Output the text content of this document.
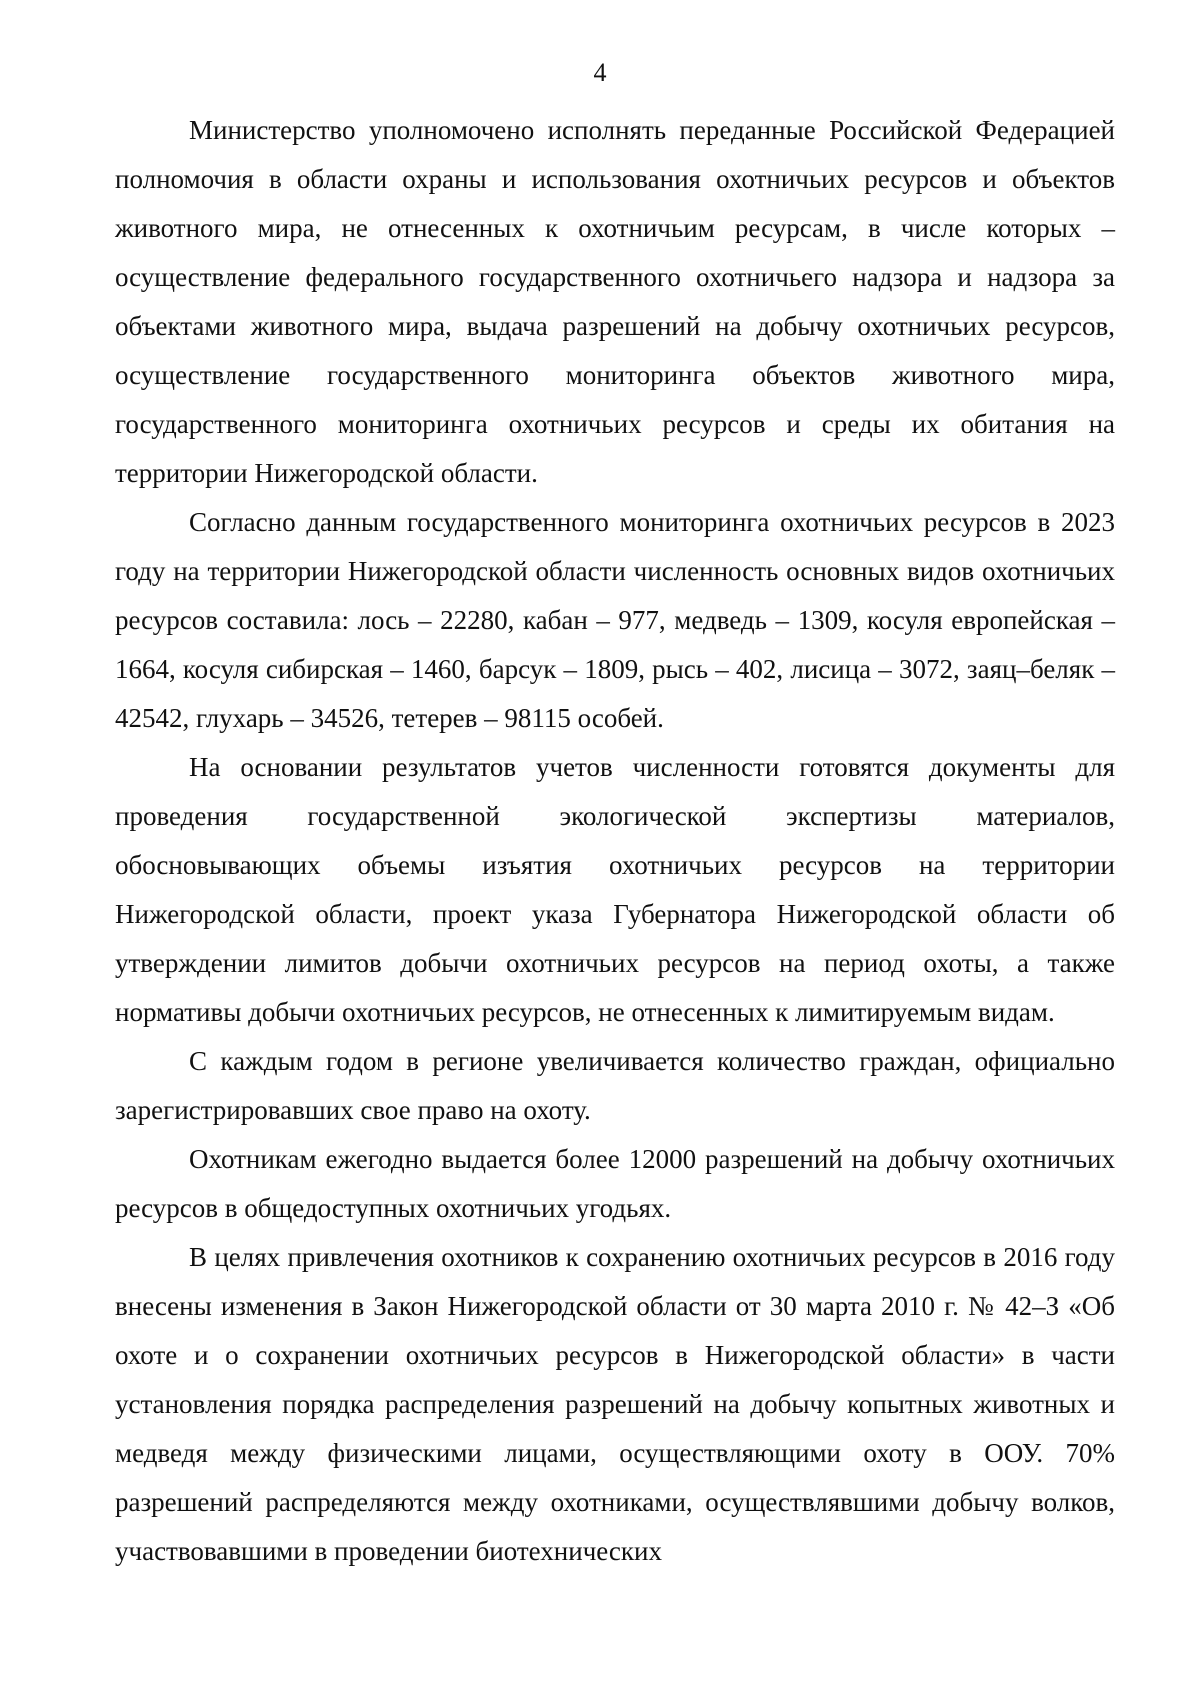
4

Министерство уполномочено исполнять переданные Российской Федерацией полномочия в области охраны и использования охотничьих ресурсов и объектов животного мира, не отнесенных к охотничьим ресурсам, в числе которых – осуществление федерального государственного охотничьего надзора и надзора за объектами животного мира, выдача разрешений на добычу охотничьих ресурсов, осуществление государственного мониторинга объектов животного мира, государственного мониторинга охотничьих ресурсов и среды их обитания на территории Нижегородской области.

Согласно данным государственного мониторинга охотничьих ресурсов в 2023 году на территории Нижегородской области численность основных видов охотничьих ресурсов составила: лось – 22280, кабан – 977, медведь – 1309, косуля европейская – 1664, косуля сибирская – 1460, барсук – 1809, рысь – 402, лисица – 3072, заяц–беляк – 42542, глухарь – 34526, тетерев – 98115 особей.

На основании результатов учетов численности готовятся документы для проведения государственной экологической экспертизы материалов, обосновывающих объемы изъятия охотничьих ресурсов на территории Нижегородской области, проект указа Губернатора Нижегородской области об утверждении лимитов добычи охотничьих ресурсов на период охоты, а также нормативы добычи охотничьих ресурсов, не отнесенных к лимитируемым видам.

С каждым годом в регионе увеличивается количество граждан, официально зарегистрировавших свое право на охоту.

Охотникам ежегодно выдается более 12000 разрешений на добычу охотничьих ресурсов в общедоступных охотничьих угодьях.

В целях привлечения охотников к сохранению охотничьих ресурсов в 2016 году внесены изменения в Закон Нижегородской области от 30 марта 2010 г. № 42–З «Об охоте и о сохранении охотничьих ресурсов в Нижегородской области» в части установления порядка распределения разрешений на добычу копытных животных и медведя между физическими лицами, осуществляющими охоту в ООУ. 70% разрешений распределяются между охотниками, осуществлявшими добычу волков, участвовавшими в проведении биотехнических
